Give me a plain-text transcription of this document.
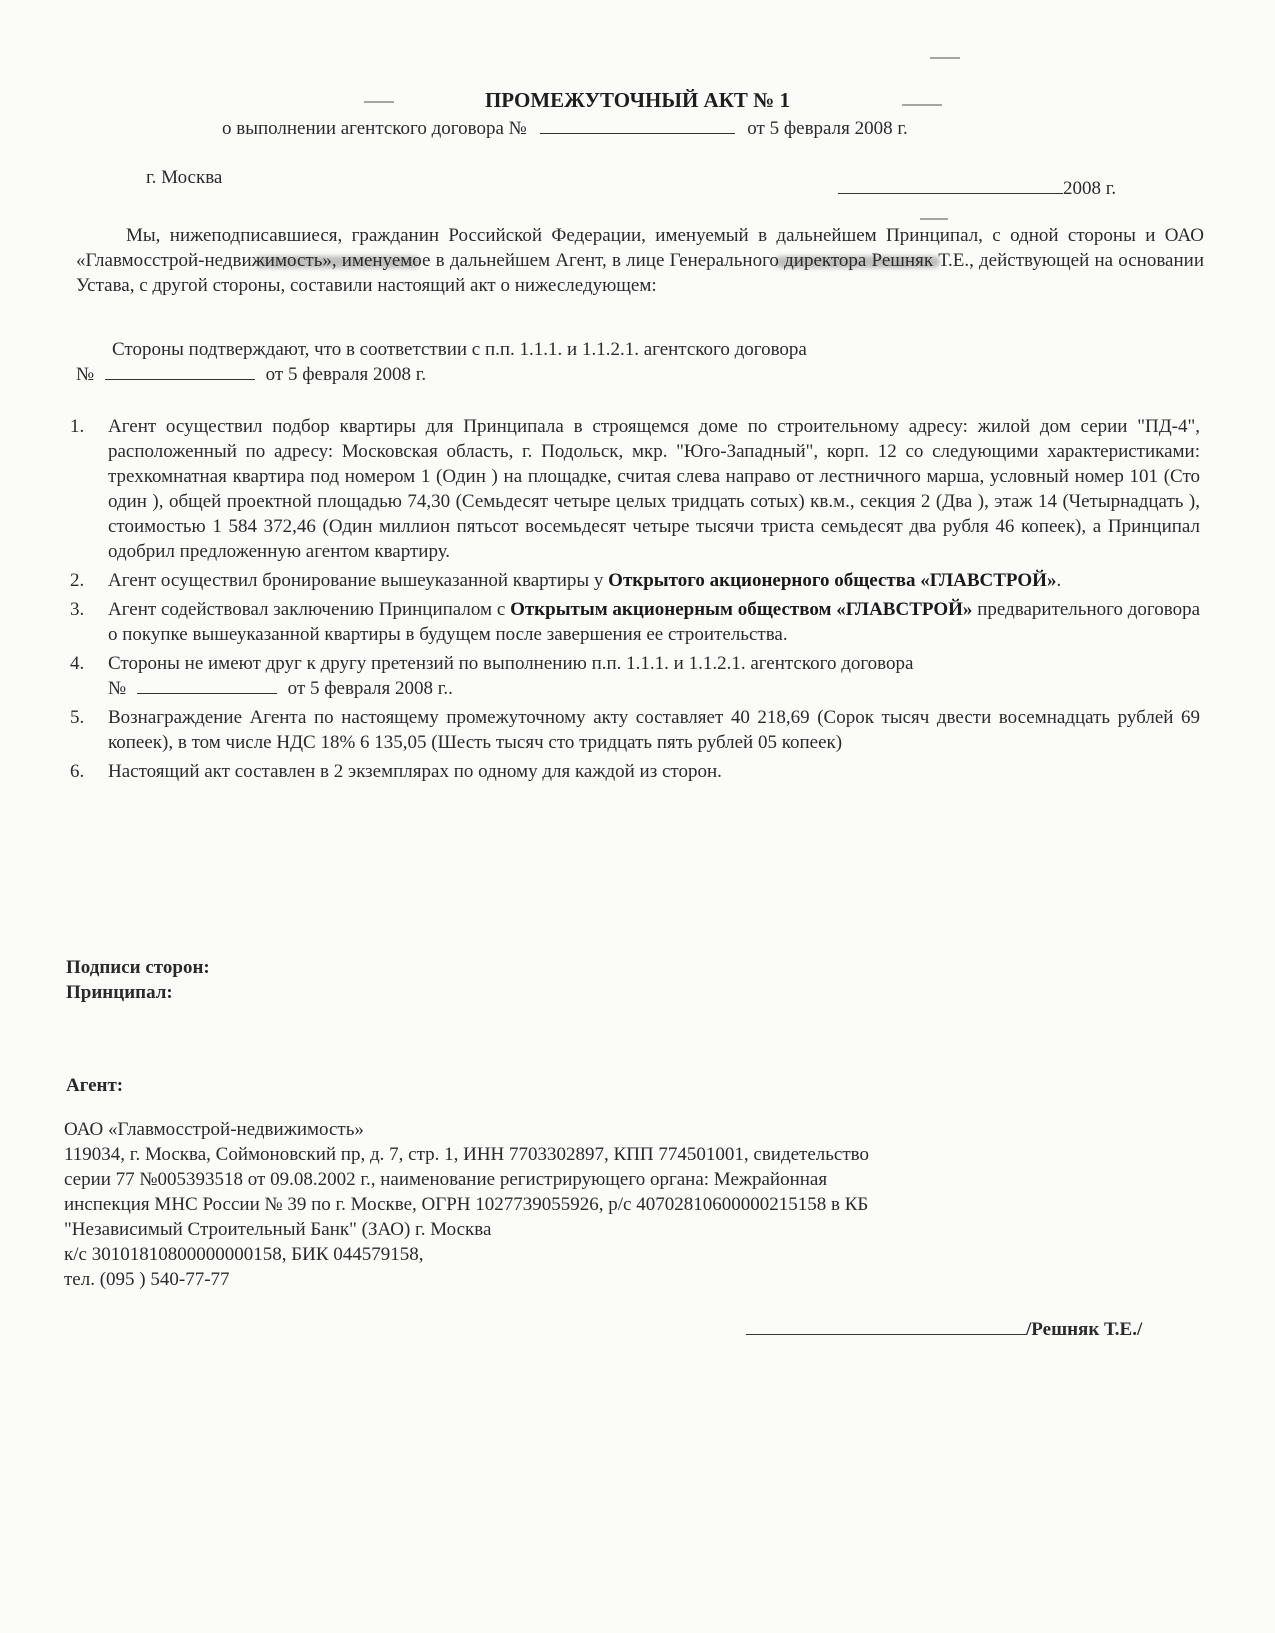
ПРОМЕЖУТОЧНЫЙ АКТ № 1
о выполнении агентского договора №	от 5 февраля 2008 г.
г. Москва
2008 г.
Мы, нижеподписавшиеся, гражданин Российской Федерации, именуемый в дальнейшем Принципал, с одной стороны и ОАО «Главмосстрой-недвижимость», именуемое в дальнейшем Агент, в лице Генерального директора Решняк Т.Е., действующей на основании Устава, с другой стороны, составили настоящий акт о нижеследующем:
Стороны подтверждают, что в соответствии с п.п. 1.1.1. и 1.1.2.1. агентского договора
№	от 5 февраля 2008 г.
1. Агент осуществил подбор квартиры для Принципала в строящемся доме по строительному адресу: жилой дом серии "ПД-4", расположенный по адресу: Московская область, г. Подольск, мкр. "Юго-Западный", корп. 12 со следующими характеристиками: трехкомнатная квартира под номером 1 (Один ) на площадке, считая слева направо от лестничного марша, условный номер 101 (Сто один ), общей проектной площадью 74,30 (Семьдесят четыре целых тридцать сотых) кв.м., секция 2 (Два ), этаж 14 (Четырнадцать ), стоимостью 1 584 372,46 (Один миллион пятьсот восемьдесят четыре тысячи триста семьдесят два рубля 46 копеек), а Принципал одобрил предложенную агентом квартиру.
2. Агент осуществил бронирование вышеуказанной квартиры у Открытого акционерного общества «ГЛАВСТРОЙ».
3. Агент содействовал заключению Принципалом с Открытым акционерным обществом «ГЛАВСТРОЙ» предварительного договора о покупке вышеуказанной квартиры в будущем после завершения ее строительства.
4. Стороны не имеют друг к другу претензий по выполнению п.п. 1.1.1. и 1.1.2.1. агентского договора
№	от 5 февраля 2008 г..
5. Вознаграждение Агента по настоящему промежуточному акту составляет 40 218,69 (Сорок тысяч двести восемнадцать рублей 69 копеек), в том числе НДС 18% 6 135,05 (Шесть тысяч сто тридцать пять рублей 05 копеек)
6. Настоящий акт составлен в 2 экземплярах по одному для каждой из сторон.
Подписи сторон:
Принципал:
Агент:
ОАО «Главмосстрой-недвижимость»
119034, г. Москва, Соймоновский пр, д. 7, стр. 1, ИНН 7703302897, КПП 774501001, свидетельство
серии 77 №005393518 от 09.08.2002 г., наименование регистрирующего органа: Межрайонная
инспекция МНС России № 39 по г. Москве, ОГРН 1027739055926, р/с 40702810600000215158 в КБ
"Независимый Строительный Банк" (ЗАО) г. Москва
к/с 30101810800000000158, БИК 044579158,
тел. (095 ) 540-77-77
/Решняк Т.Е./
